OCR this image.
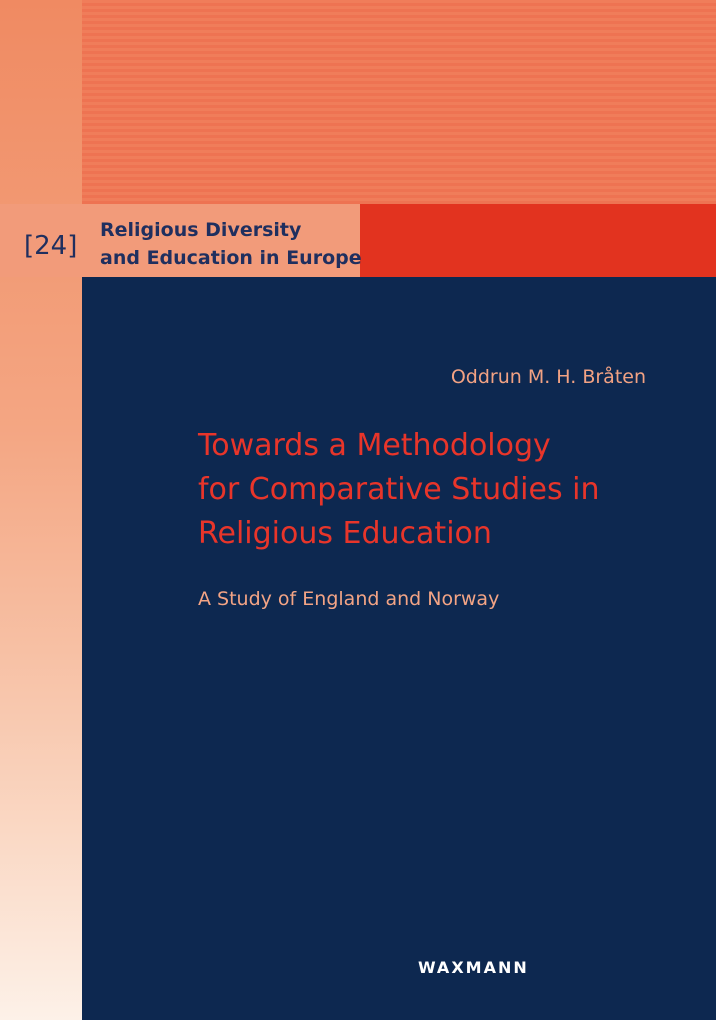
[24]
Religious Diversity
and Education in Europe
Oddrun M. H. Bråten
Towards a Methodology
for Comparative Studies in
Religious Education
A Study of England and Norway
WAXMANN
